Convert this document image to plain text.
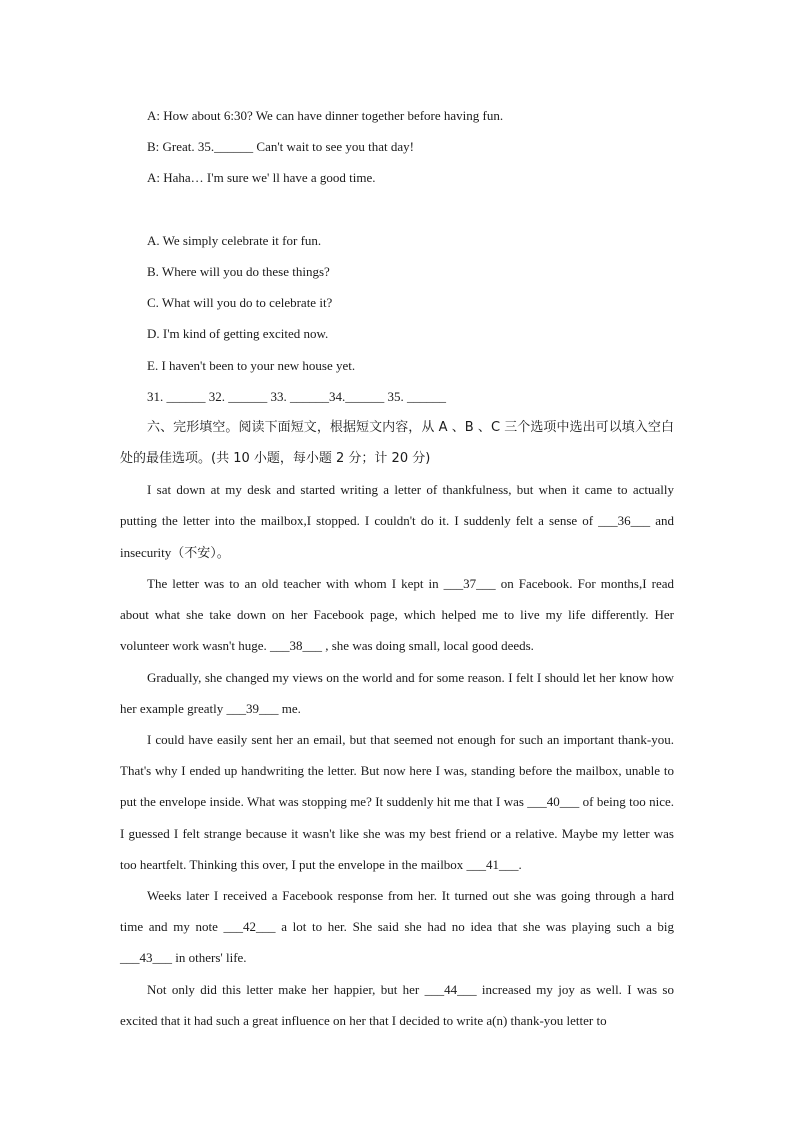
A: How about 6:30? We can have dinner together before having fun.
B: Great. 35.______ Can't wait to see you that day!
A: Haha… I'm sure we' ll have a good time.
A. We simply celebrate it for fun.
B. Where will you do these things?
C. What will you do to celebrate it?
D. I'm kind of getting excited now.
E. I haven't been to your new house yet.
31. ______ 32. ______ 33. ______34.______ 35. ______

六、完形填空。阅读下面短文，根据短文内容，从 A 、B 、C 三个选项中选出可以填入空白处的最佳选项。(共 10 小题，每小题 2 分；计 20 分)

I sat down at my desk and started writing a letter of thankfulness, but when it came to actually putting the letter into the mailbox,I stopped. I couldn't do it. I suddenly felt a sense of ___36___ and insecurity（不安）。

The letter was to an old teacher with whom I kept in ___37___ on Facebook. For months,I read about what she take down on her Facebook page, which helped me to live my life differently. Her volunteer work wasn't huge. ___38___ , she was doing small, local good deeds.

Gradually, she changed my views on the world and for some reason. I felt I should let her know how her example greatly ___39___ me.

I could have easily sent her an email, but that seemed not enough for such an important thank-you. That's why I ended up handwriting the letter. But now here I was, standing before the mailbox, unable to put the envelope inside. What was stopping me? It suddenly hit me that I was ___40___ of being too nice. I guessed I felt strange because it wasn't like she was my best friend or a relative. Maybe my letter was too heartfelt. Thinking this over, I put the envelope in the mailbox ___41___.

Weeks later I received a Facebook response from her. It turned out she was going through a hard time and my note ___42___ a lot to her. She said she had no idea that she was playing such a big ___43___ in others' life.

Not only did this letter make her happier, but her ___44___ increased my joy as well. I was so excited that it had such a great influence on her that I decided to write a(n) thank-you letter to
